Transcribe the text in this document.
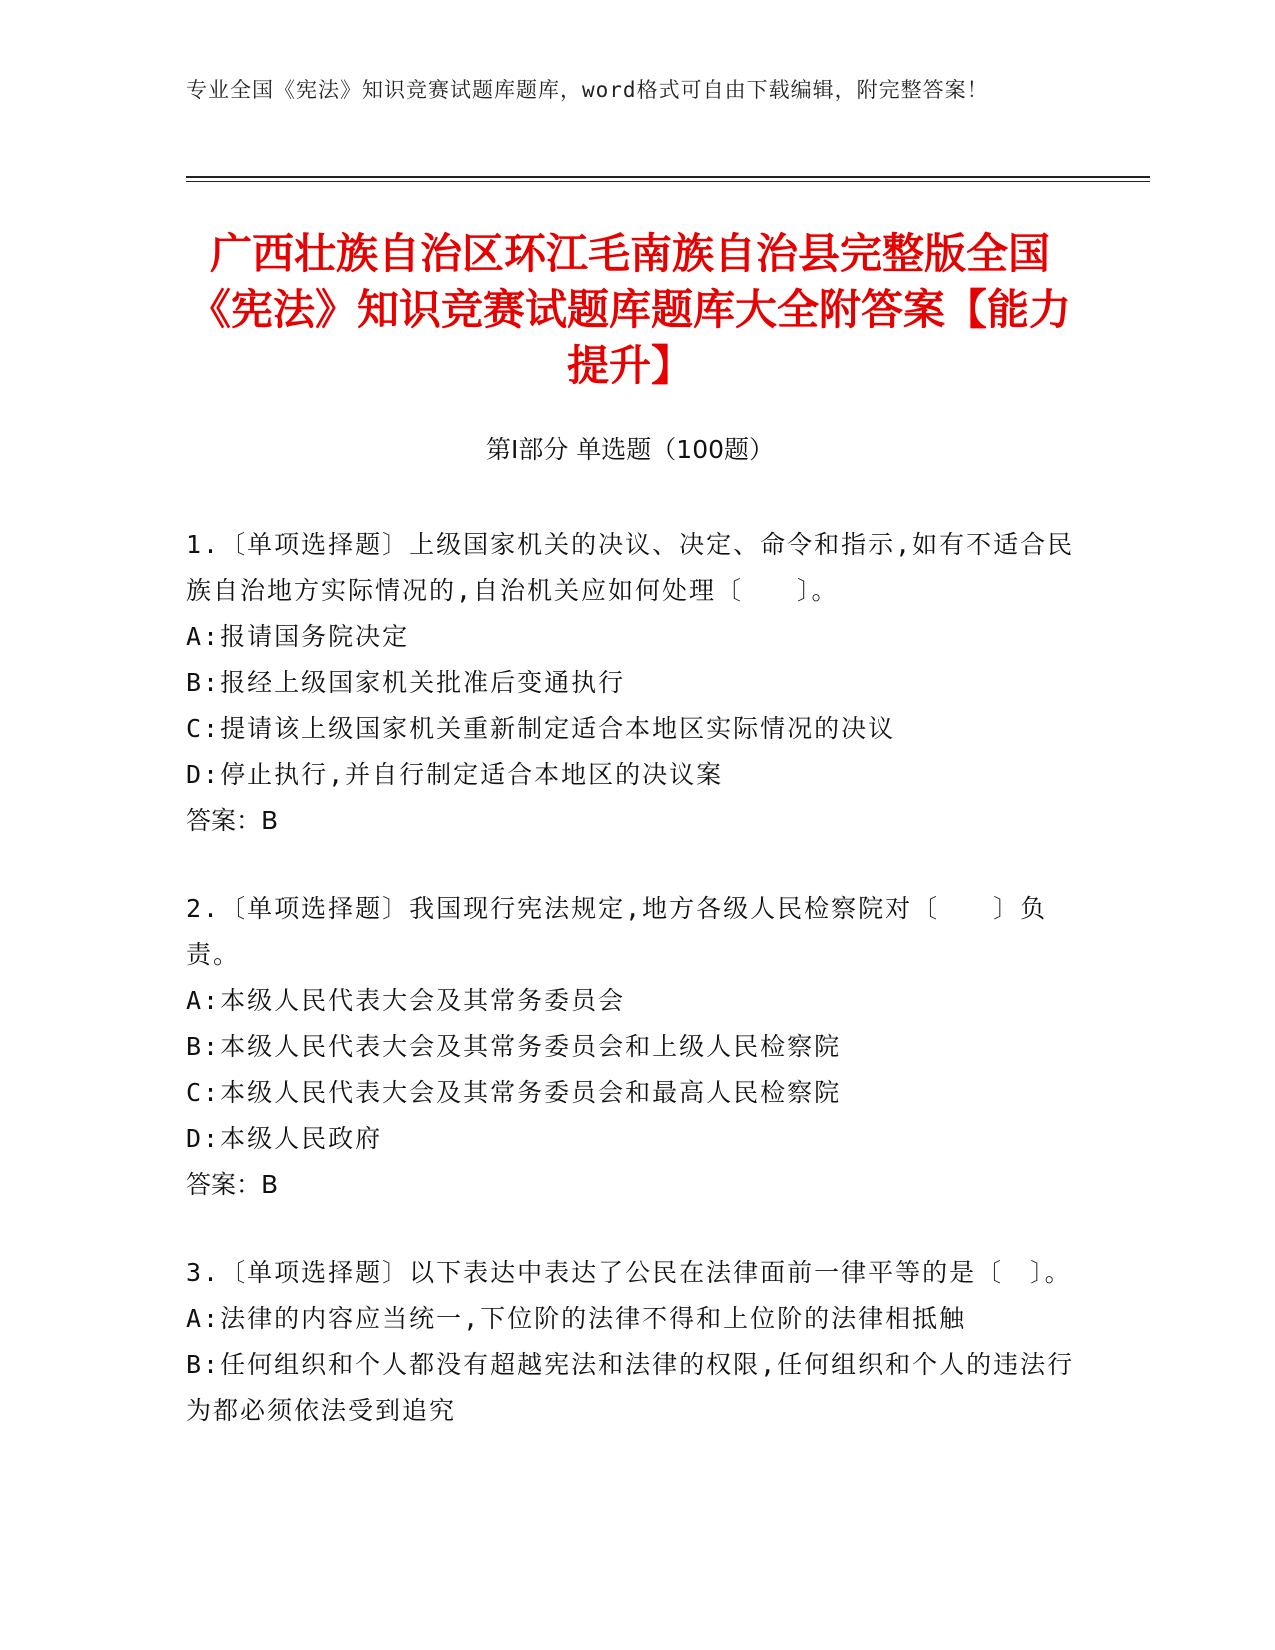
专业全国《宪法》知识竞赛试题库题库，word格式可自由下载编辑，附完整答案！
广西壮族自治区环江毛南族自治县完整版全国《宪法》知识竞赛试题库题库大全附答案【能力提升】
第Ⅰ部分 单选题（100题）
1.〔单项选择题〕上级国家机关的决议、决定、命令和指示,如有不适合民族自治地方实际情况的,自治机关应如何处理〔　　〕。
A:报请国务院决定
B:报经上级国家机关批准后变通执行
C:提请该上级国家机关重新制定适合本地区实际情况的决议
D:停止执行,并自行制定适合本地区的决议案
答案：B
2.〔单项选择题〕我国现行宪法规定,地方各级人民检察院对〔　　〕负责。
A:本级人民代表大会及其常务委员会
B:本级人民代表大会及其常务委员会和上级人民检察院
C:本级人民代表大会及其常务委员会和最高人民检察院
D:本级人民政府
答案：B
3.〔单项选择题〕以下表达中表达了公民在法律面前一律平等的是〔　〕。
A:法律的内容应当统一,下位阶的法律不得和上位阶的法律相抵触
B:任何组织和个人都没有超越宪法和法律的权限,任何组织和个人的违法行为都必须依法受到追究
